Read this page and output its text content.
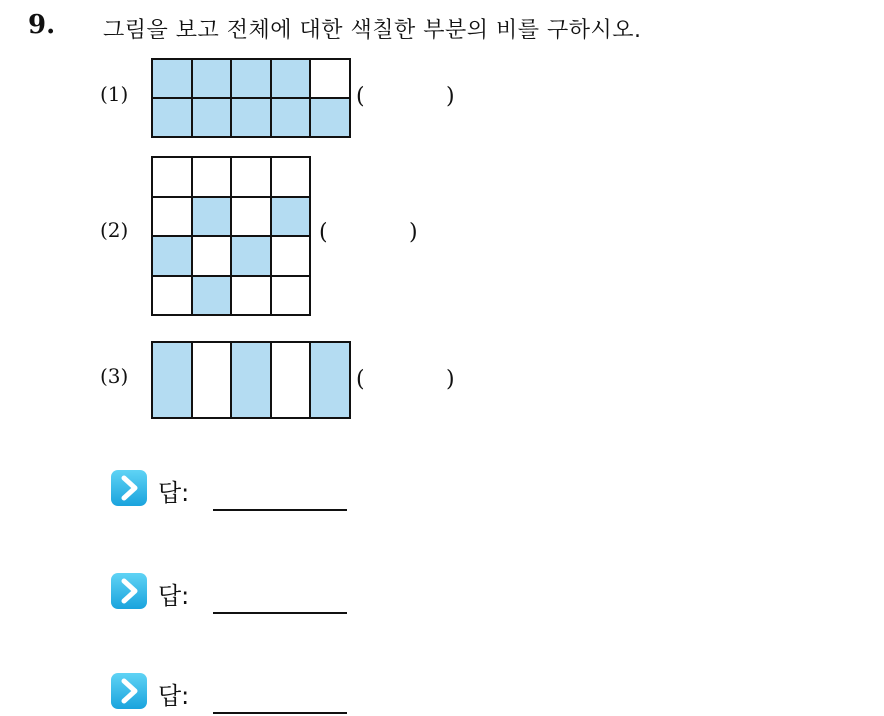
9. 그림을 보고 전체에 대한 색칠한 부분의 비를 구하시오.
(1)

					(	)
(2)

				(	)
(3)
					(	)
답:
답:
답:
